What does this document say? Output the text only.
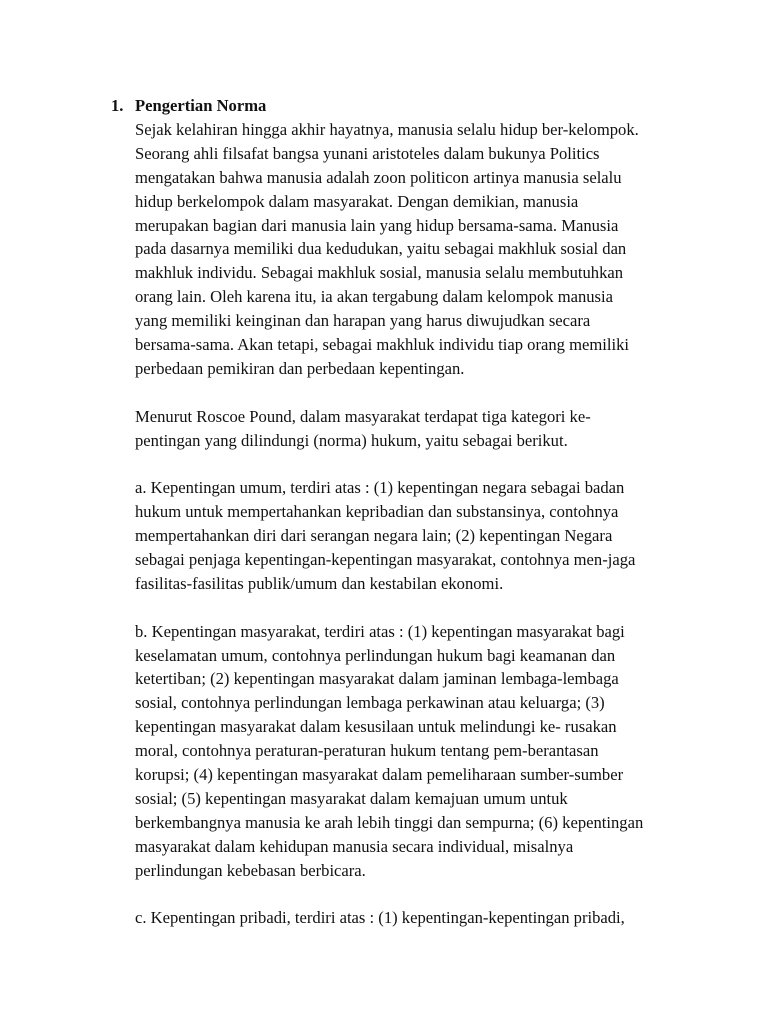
1. Pengertian Norma
Sejak kelahiran hingga akhir hayatnya, manusia selalu hidup ber-kelompok.
Seorang ahli filsafat bangsa yunani aristoteles dalam bukunya Politics
mengatakan bahwa manusia adalah zoon politicon artinya manusia selalu
hidup berkelompok dalam masyarakat. Dengan demikian, manusia
merupakan bagian dari manusia lain yang hidup bersama-sama. Manusia
pada dasarnya memiliki dua kedudukan, yaitu sebagai makhluk sosial dan
makhluk individu. Sebagai makhluk sosial, manusia selalu membutuhkan
orang lain. Oleh karena itu, ia akan tergabung dalam kelompok manusia
yang memiliki keinginan dan harapan yang harus diwujudkan secara
bersama-sama. Akan tetapi, sebagai makhluk individu tiap orang memiliki
perbedaan pemikiran dan perbedaan kepentingan.
Menurut Roscoe Pound, dalam masyarakat terdapat tiga kategori ke-
pentingan yang dilindungi (norma) hukum, yaitu sebagai berikut.
a. Kepentingan umum, terdiri atas : (1) kepentingan negara sebagai badan
hukum untuk mempertahankan kepribadian dan substansinya, contohnya
mempertahankan diri dari serangan negara lain; (2) kepentingan Negara
sebagai penjaga kepentingan-kepentingan masyarakat, contohnya men-jaga
fasilitas-fasilitas publik/umum dan kestabilan ekonomi.
b. Kepentingan masyarakat, terdiri atas : (1) kepentingan masyarakat bagi
keselamatan umum, contohnya perlindungan hukum bagi keamanan dan
ketertiban; (2) kepentingan masyarakat dalam jaminan lembaga-lembaga
sosial, contohnya perlindungan lembaga perkawinan atau keluarga; (3)
kepentingan masyarakat dalam kesusilaan untuk melindungi ke- rusakan
moral, contohnya peraturan-peraturan hukum tentang pem-berantasan
korupsi; (4) kepentingan masyarakat dalam pemeliharaan sumber-sumber
sosial; (5) kepentingan masyarakat dalam kemajuan umum untuk
berkembangnya manusia ke arah lebih tinggi dan sempurna; (6) kepentingan
masyarakat dalam kehidupan manusia secara individual, misalnya
perlindungan kebebasan berbicara.
c. Kepentingan pribadi, terdiri atas : (1) kepentingan-kepentingan pribadi,
